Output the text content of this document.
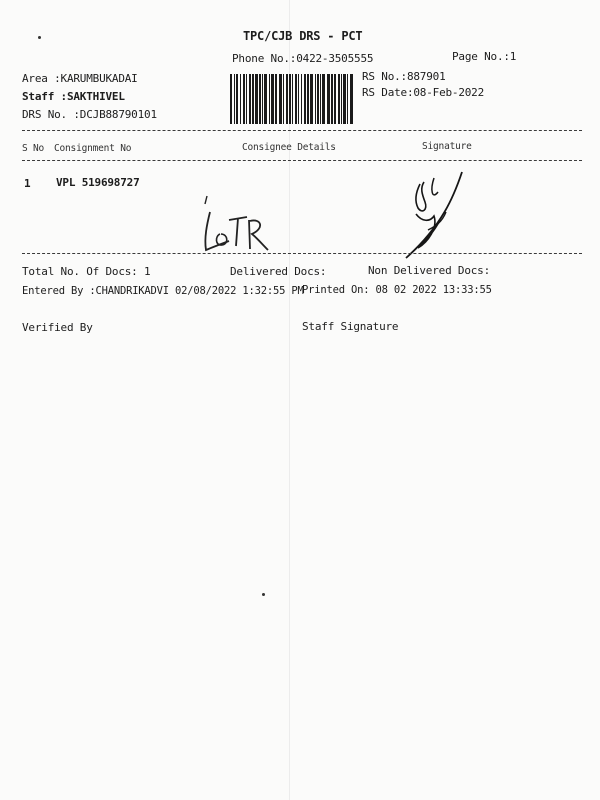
TPC/CJB DRS - PCT
Phone No.:0422-3505555	Page No.:1
Area :KARUMBUKADAI
Staff :SAKTHIVEL
DRS No. :DCJB88790101
RS No.:887901
RS Date:08-Feb-2022
S No Consignment No	Consignee Details	Signature
1 VPL 519698727
Total No. Of Docs: 1	Delivered Docs:	Non Delivered Docs:
Entered By :CHANDRIKADVI 02/08/2022 1:32:55 PM
Printed On: 08 02 2022 13:33:55
Verified By	Staff Signature
